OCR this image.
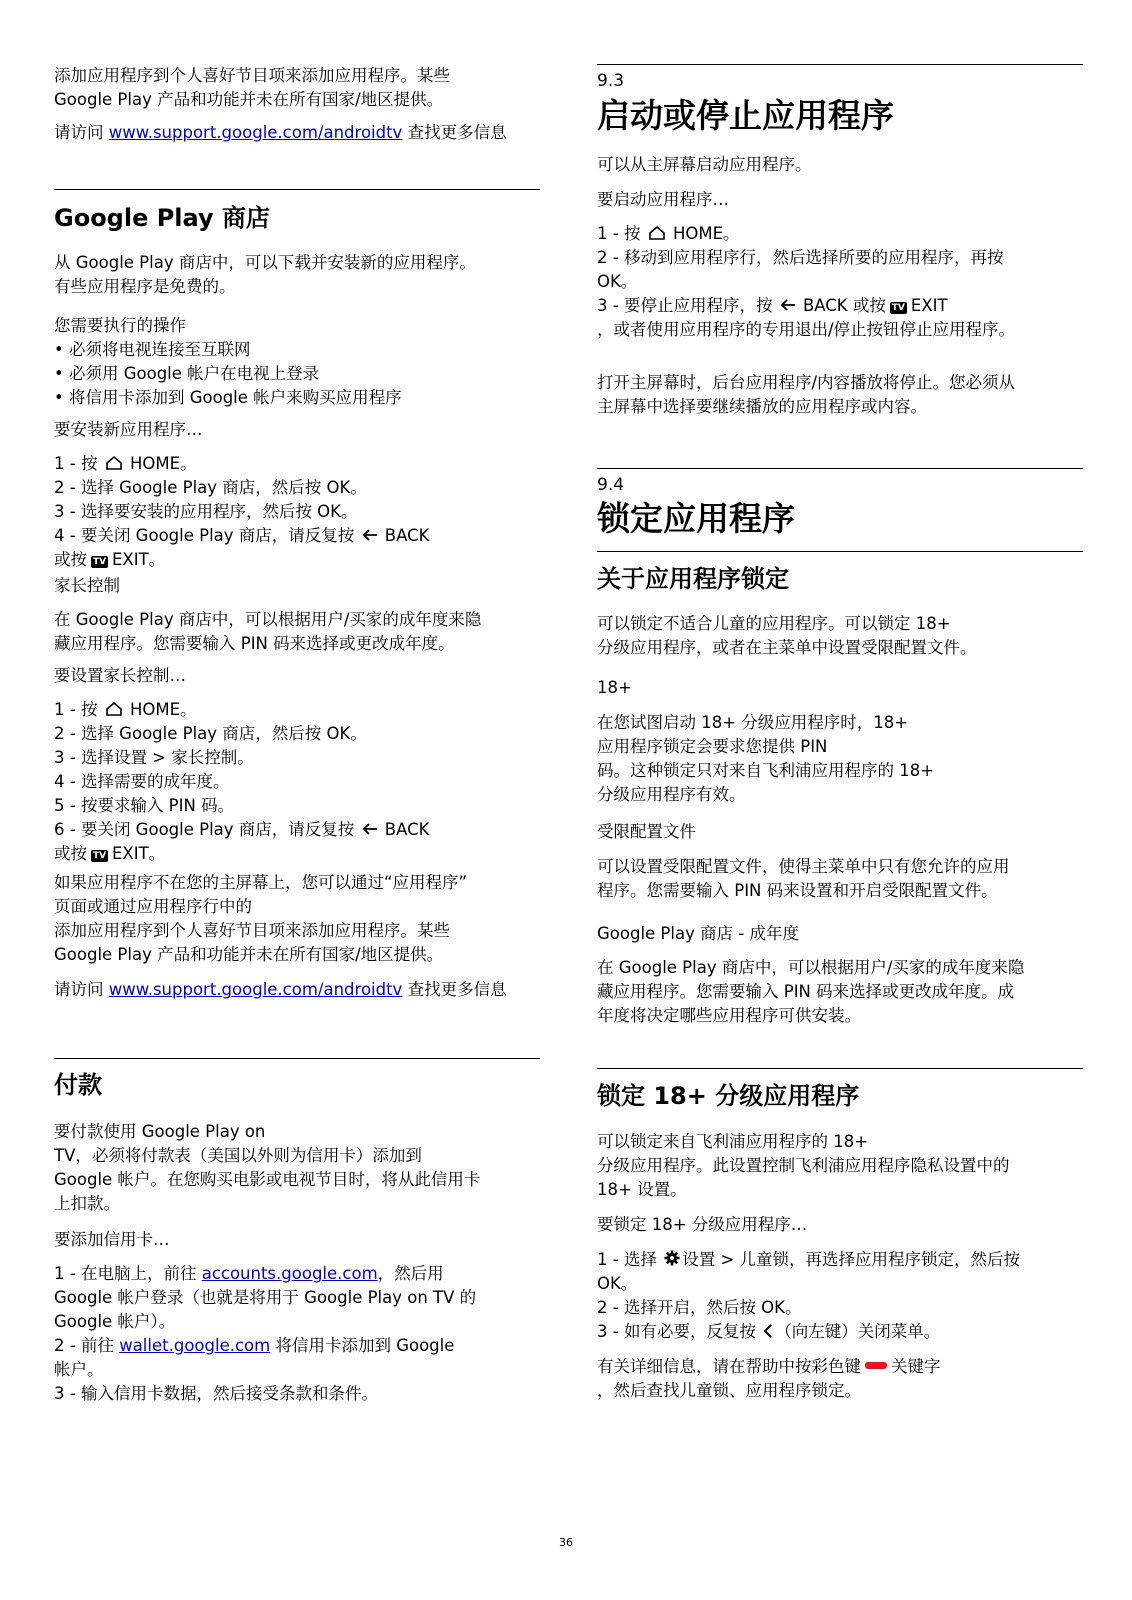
添加应用程序到个人喜好节目项来添加应用程序。某些

Google Play 产品和功能并未在所有国家/地区提供。

请访问 www.support.google.com/androidtv 查找更多信息

Google Play 商店

从 Google Play 商店中，可以下载并安装新的应用程序。

有些应用程序是免费的。

您需要执行的操作

• 必须将电视连接至互联网

• 必须用 Google 帐户在电视上登录

• 将信用卡添加到 Google 帐户来购买应用程序

要安装新应用程序…

1 - 按 HOME。

2 - 选择 Google Play 商店，然后按 OK。

3 - 选择要安装的应用程序，然后按 OK。

4 - 要关闭 Google Play 商店，请反复按 BACK

或按 TV EXIT。

家长控制

在 Google Play 商店中，可以根据用户/买家的成年度来隐

藏应用程序。您需要输入 PIN 码来选择或更改成年度。

要设置家长控制…

1 - 按 HOME。

2 - 选择 Google Play 商店，然后按 OK。

3 - 选择设置 > 家长控制。

4 - 选择需要的成年度。

5 - 按要求输入 PIN 码。

6 - 要关闭 Google Play 商店，请反复按 BACK

或按 TV EXIT。

如果应用程序不在您的主屏幕上，您可以通过“应用程序”

页面或通过应用程序行中的

添加应用程序到个人喜好节目项来添加应用程序。某些

Google Play 产品和功能并未在所有国家/地区提供。

请访问 www.support.google.com/androidtv 查找更多信息

付款

要付款使用 Google Play on

TV，必须将付款表（美国以外则为信用卡）添加到

Google 帐户。在您购买电影或电视节目时，将从此信用卡

上扣款。

要添加信用卡…

1 - 在电脑上，前往 accounts.google.com，然后用

Google 帐户登录（也就是将用于 Google Play on TV 的

Google 帐户）。

2 - 前往 wallet.google.com 将信用卡添加到 Google

帐户。

3 - 输入信用卡数据，然后接受条款和条件。

9.3

启动或停止应用程序

可以从主屏幕启动应用程序。

要启动应用程序…

1 - 按 HOME。

2 - 移动到应用程序行，然后选择所要的应用程序，再按

OK。

3 - 要停止应用程序，按 BACK 或按 TV EXIT

，或者使用应用程序的专用退出/停止按钮停止应用程序。

打开主屏幕时，后台应用程序/内容播放将停止。您必须从

主屏幕中选择要继续播放的应用程序或内容。

9.4

锁定应用程序
关于应用程序锁定

可以锁定不适合儿童的应用程序。可以锁定 18+

分级应用程序，或者在主菜单中设置受限配置文件。

18+

在您试图启动 18+ 分级应用程序时，18+

应用程序锁定会要求您提供 PIN

码。这种锁定只对来自飞利浦应用程序的 18+

分级应用程序有效。

受限配置文件

可以设置受限配置文件，使得主菜单中只有您允许的应用

程序。您需要输入 PIN 码来设置和开启受限配置文件。

Google Play 商店 - 成年度

在 Google Play 商店中，可以根据用户/买家的成年度来隐

藏应用程序。您需要输入 PIN 码来选择或更改成年度。成

年度将决定哪些应用程序可供安装。

锁定 18+ 分级应用程序

可以锁定来自飞利浦应用程序的 18+

分级应用程序。此设置控制飞利浦应用程序隐私设置中的

18+ 设置。

要锁定 18+ 分级应用程序…

1 - 选择 设置 > 儿童锁，再选择应用程序锁定，然后按

OK。

2 - 选择开启，然后按 OK。

3 - 如有必要，反复按 （向左键）关闭菜单。

有关详细信息，请在帮助中按彩色键 关键字

，然后查找儿童锁、应用程序锁定。

36
